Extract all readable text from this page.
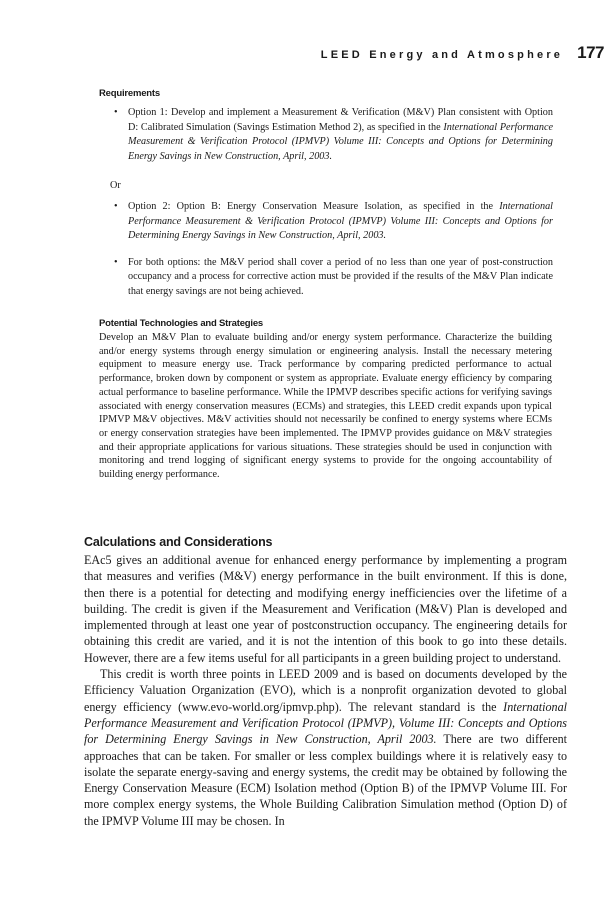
LEED Energy and Atmosphere 177
Requirements
• Option 1: Develop and implement a Measurement & Verification (M&V) Plan consistent with Option D: Calibrated Simulation (Savings Estimation Method 2), as specified in the International Performance Measurement & Verification Protocol (IPMVP) Volume III: Concepts and Options for Determining Energy Savings in New Construction, April, 2003.
Or
• Option 2: Option B: Energy Conservation Measure Isolation, as specified in the International Performance Measurement & Verification Protocol (IPMVP) Volume III: Concepts and Options for Determining Energy Savings in New Construction, April, 2003.
• For both options: the M&V period shall cover a period of no less than one year of post-construction occupancy and a process for corrective action must be provided if the results of the M&V Plan indicate that energy savings are not being achieved.
Potential Technologies and Strategies

Develop an M&V Plan to evaluate building and/or energy system performance. Characterize the building and/or energy systems through energy simulation or engineering analysis. Install the necessary metering equipment to measure energy use. Track performance by comparing predicted performance to actual performance, broken down by component or system as appropriate. Evaluate energy efficiency by comparing actual performance to baseline performance. While the IPMVP describes specific actions for verifying savings associated with energy conservation measures (ECMs) and strategies, this LEED credit expands upon typical IPMVP M&V objectives. M&V activities should not necessarily be confined to energy systems where ECMs or energy conservation strategies have been implemented. The IPMVP provides guidance on M&V strategies and their appropriate applications for various situations. These strategies should be used in conjunction with monitoring and trend logging of significant energy systems to provide for the ongoing accountability of building energy performance.

Calculations and Considerations

EAc5 gives an additional avenue for enhanced energy performance by implementing a program that measures and verifies (M&V) energy performance in the built environment. If this is done, then there is a potential for detecting and modifying energy inefficiencies over the lifetime of a building. The credit is given if the Measurement and Verification (M&V) Plan is developed and implemented through at least one year of postconstruction occupancy. The engineering details for obtaining this credit are varied, and it is not the intention of this book to go into these details. However, there are a few items useful for all participants in a green building project to understand.

This credit is worth three points in LEED 2009 and is based on documents developed by the Efficiency Valuation Organization (EVO), which is a nonprofit organization devoted to global energy efficiency (www.evo-world.org/ipmvp.php). The relevant standard is the International Performance Measurement and Verification Protocol (IPMVP), Volume III: Concepts and Options for Determining Energy Savings in New Construction, April 2003. There are two different approaches that can be taken. For smaller or less complex buildings where it is relatively easy to isolate the separate energy-saving and energy systems, the credit may be obtained by following the Energy Conservation Measure (ECM) Isolation method (Option B) of the IPMVP Volume III. For more complex energy systems, the Whole Building Calibration Simulation method (Option D) of the IPMVP Volume III may be chosen. In
